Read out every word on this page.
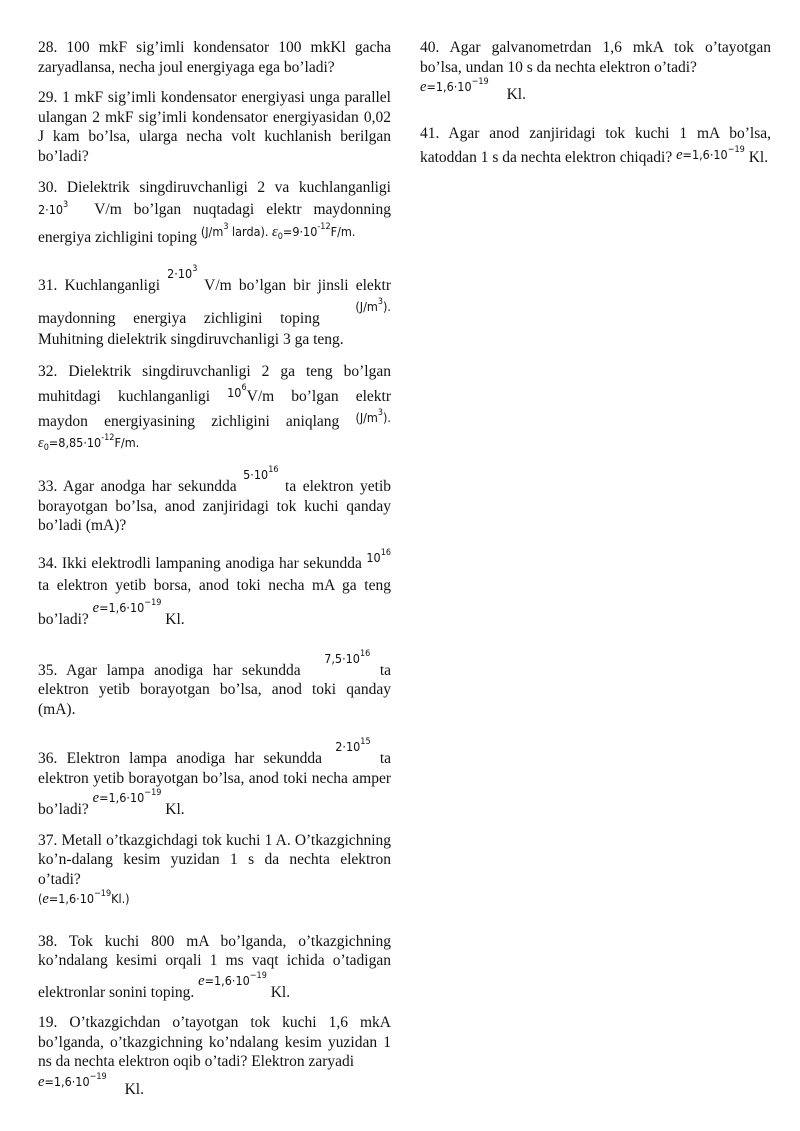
28. 100 mkF sig’imli kondensator 100 mkKl gacha zaryadlansa, necha joul energiyaga ega bo’ladi?

29. 1 mkF sig’imli kondensator energiyasi unga parallel ulangan 2 mkF sig’imli kondensator energiyasidan 0,02 J kam bo’lsa, ularga necha volt kuchlanish berilgan bo’ladi?

30. Dielektrik singdiruvchanligi 2 va kuchlanganligi $2\cdot 10^3$ V/m bo’lgan nuqtadagi elektr maydonning energiya zichligini toping $^{(J/m^3 larda). \varepsilon_0=9\cdot 10^{-12}F/m.}$

31. Kuchlanganligi $^{2\cdot 10^3}$ V/m bo’lgan bir jinsli elektr maydonning energiya zichligini toping $^{(J/m^3).}$ Muhitning dielektrik singdiruvchanligi 3 ga teng.

32. Dielektrik singdiruvchanligi 2 ga teng bo’lgan muhitdagi kuchlanganligi $^{10^6}$V/m bo’lgan elektr maydon energiyasining zichligini aniqlang $^{(J/m^3).}$ $\varepsilon_0=8,85\cdot 10^{-12}F/m$.

33. Agar anodga har sekundda $^{5\cdot 10^{16}}$ ta elektron yetib borayotgan bo’lsa, anod zanjiridagi tok kuchi qanday bo’ladi (mA)?

34. Ikki elektrodli lampaning anodiga har sekundda $^{10^{16}}$ ta elektron yetib borsa, anod toki necha mA ga teng bo’ladi? $^{e=1,6\cdot 10^{-19}}$ Kl.

35. Agar lampa anodiga har sekundda $^{7,5\cdot 10^{16}}$ ta elektron yetib borayotgan bo’lsa, anod toki qanday (mA).

36. Elektron lampa anodiga har sekundda $^{2\cdot 10^{15}}$ ta elektron yetib borayotgan bo’lsa, anod toki necha amper bo’ladi? $^{e=1,6\cdot 10^{-19}}$ Kl.

37. Metall o’tkazgichdagi tok kuchi 1 A. O’tkazgichning ko’n-dalang kesim yuzidan 1 s da nechta elektron o’tadi?
$(e=1,6\cdot 10^{-19}Kl.)$

38. Tok kuchi 800 mA bo’lganda, o’tkazgichning ko’ndalang kesimi orqali 1 ms vaqt ichida o’tadigan elektronlar sonini toping. $^{e=1,6\cdot 10^{-19}}$ Kl.

19. O’tkazgichdan o’tayotgan tok kuchi 1,6 mkA bo’lganda, o’tkazgichning ko’ndalang kesim yuzidan 1 ns da nechta elektron oqib o’tadi? Elektron zaryadi
$e=1,6\cdot 10^{-19}$ Kl.

40. Agar galvanometrdan 1,6 mkA tok o’tayotgan bo’lsa, undan 10 s da nechta elektron o’tadi?
$e=1,6\cdot 10^{-19}$ Kl.

41. Agar anod zanjiridagi tok kuchi 1 mA bo’lsa, katoddan 1 s da nechta elektron chiqadi? $e=1,6\cdot 10^{-19}$ Kl.
